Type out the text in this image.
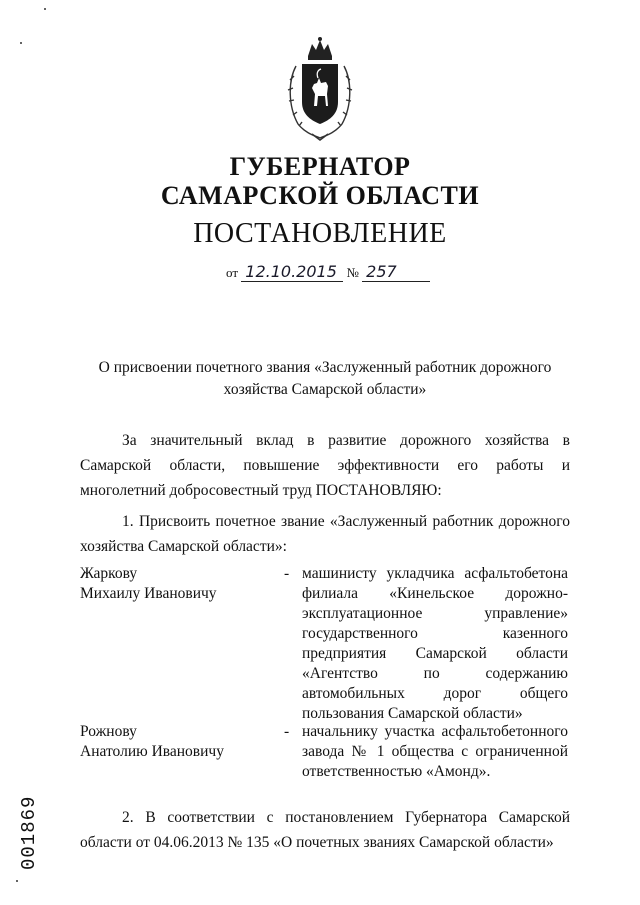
ГУБЕРНАТОР
САМАРСКОЙ ОБЛАСТИ
ПОСТАНОВЛЕНИЕ
от 12.10.2015 № 257
О присвоении почетного звания «Заслуженный работник дорожного хозяйства Самарской области»
За значительный вклад в развитие дорожного хозяйства в Самарской области, повышение эффективности его работы и многолетний добросовестный труд ПОСТАНОВЛЯЮ:
1. Присвоить почетное звание «Заслуженный работник дорожного хозяйства Самарской области»:
Жаркову
Михаилу Ивановичу
- машинисту укладчика асфальтобетона филиала «Кинельское дорожно-эксплуатационное управление» государственного казенного предприятия Самарской области «Агентство по содержанию автомобильных дорог общего пользования Самарской области»
Рожнову
Анатолию Ивановичу
- начальнику участка асфальтобетонного завода № 1 общества с ограниченной ответственностью «Амонд».
2. В соответствии с постановлением Губернатора Самарской области от 04.06.2013 № 135 «О почетных званиях Самарской области»
001869
